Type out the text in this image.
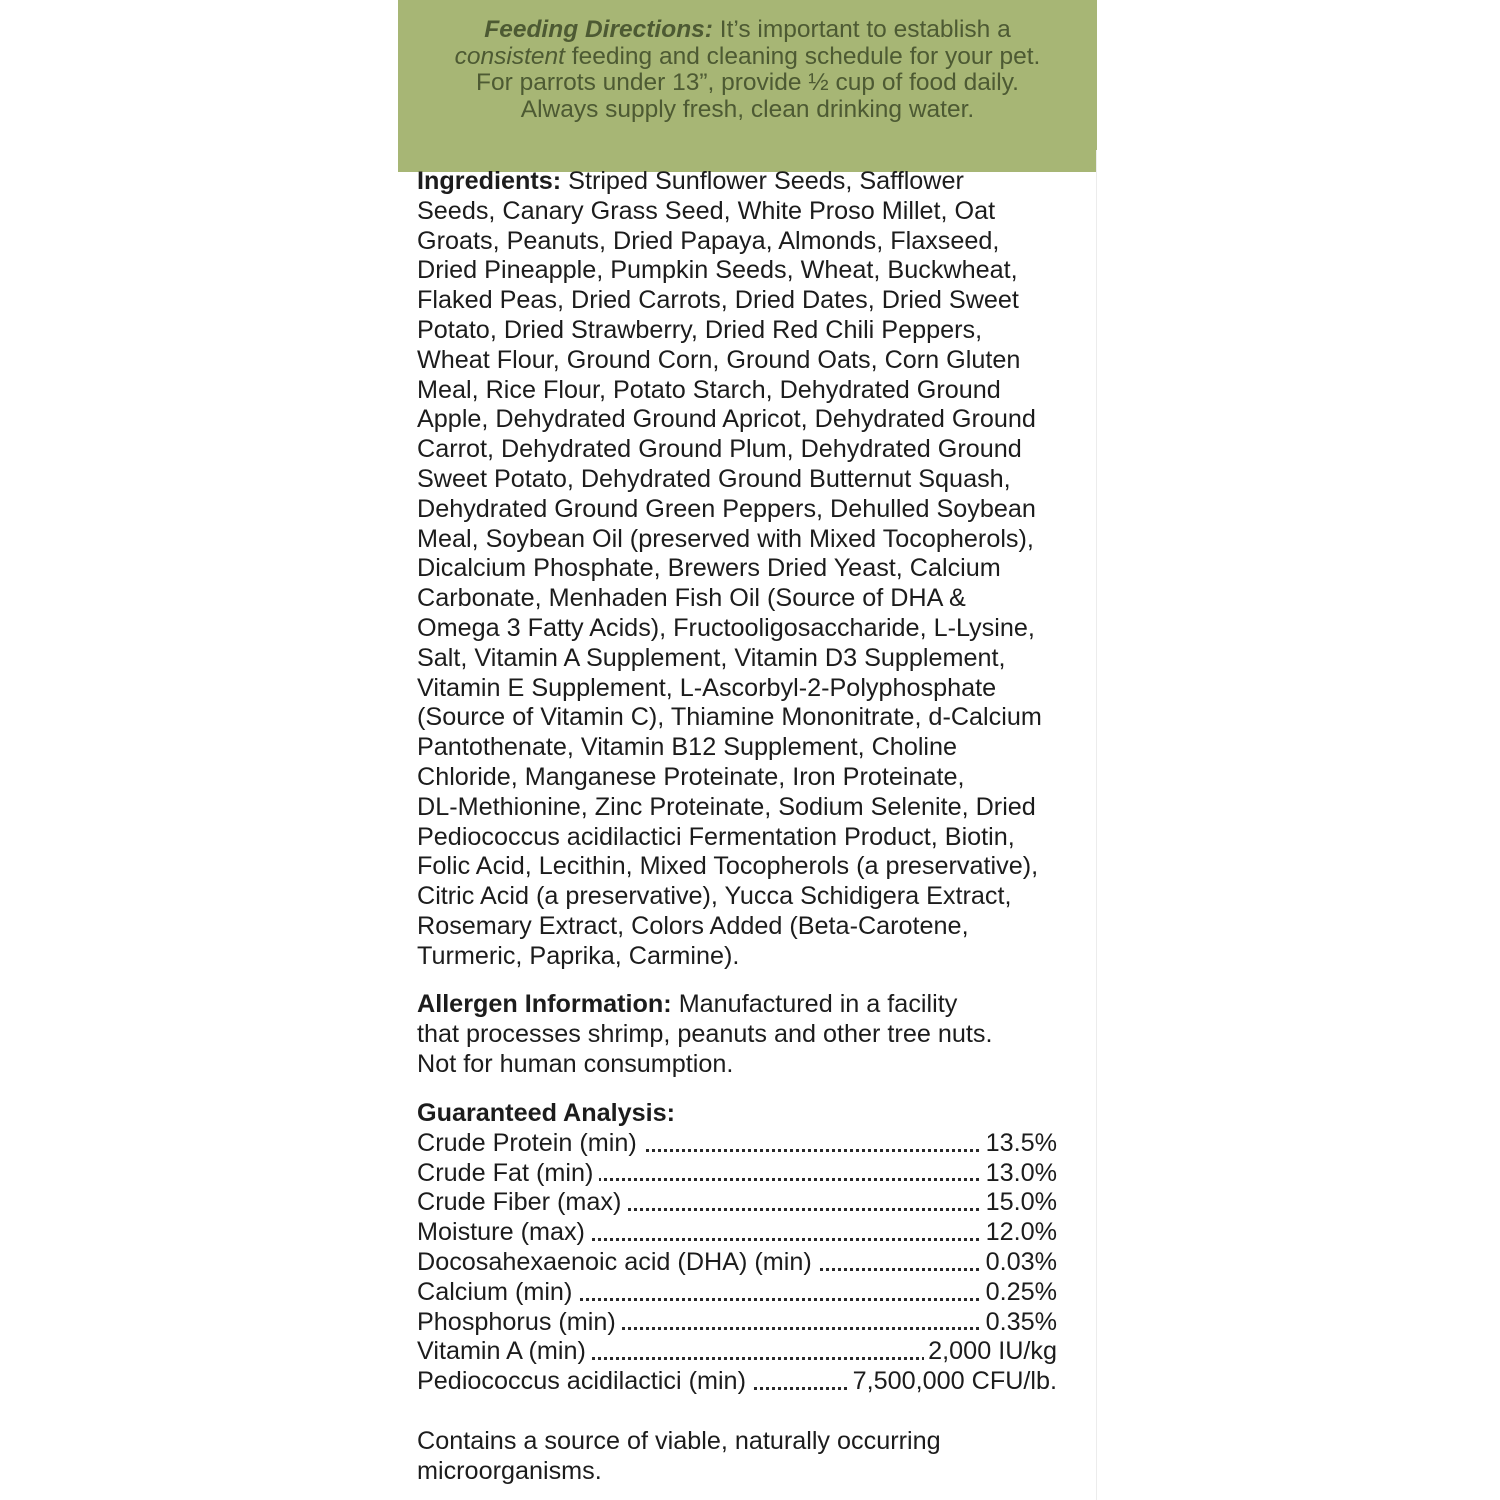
Feeding Directions: It’s important to establish a
consistent feeding and cleaning schedule for your pet.
For parrots under 13”, provide ½ cup of food daily.
Always supply fresh, clean drinking water.
Ingredients: Striped Sunflower Seeds, Safflower
Seeds, Canary Grass Seed, White Proso Millet, Oat
Groats, Peanuts, Dried Papaya, Almonds, Flaxseed,
Dried Pineapple, Pumpkin Seeds, Wheat, Buckwheat,
Flaked Peas, Dried Carrots, Dried Dates, Dried Sweet
Potato, Dried Strawberry, Dried Red Chili Peppers,
Wheat Flour, Ground Corn, Ground Oats, Corn Gluten
Meal, Rice Flour, Potato Starch, Dehydrated Ground
Apple, Dehydrated Ground Apricot, Dehydrated Ground
Carrot, Dehydrated Ground Plum, Dehydrated Ground
Sweet Potato, Dehydrated Ground Butternut Squash,
Dehydrated Ground Green Peppers, Dehulled Soybean
Meal, Soybean Oil (preserved with Mixed Tocopherols),
Dicalcium Phosphate, Brewers Dried Yeast, Calcium
Carbonate, Menhaden Fish Oil (Source of DHA &
Omega 3 Fatty Acids), Fructooligosaccharide, L-Lysine,
Salt, Vitamin A Supplement, Vitamin D3 Supplement,
Vitamin E Supplement, L-Ascorbyl-2-Polyphosphate
(Source of Vitamin C), Thiamine Mononitrate, d-Calcium
Pantothenate, Vitamin B12 Supplement, Choline
Chloride, Manganese Proteinate, Iron Proteinate,
DL-Methionine, Zinc Proteinate, Sodium Selenite, Dried
Pediococcus acidilactici Fermentation Product, Biotin,
Folic Acid, Lecithin, Mixed Tocopherols (a preservative),
Citric Acid (a preservative), Yucca Schidigera Extract,
Rosemary Extract, Colors Added (Beta-Carotene,
Turmeric, Paprika, Carmine).
Allergen Information: Manufactured in a facility
that processes shrimp, peanuts and other tree nuts.
Not for human consumption.
Guaranteed Analysis:
Crude Protein (min)	13.5%
Crude Fat (min)	13.0%
Crude Fiber (max)	15.0%
Moisture (max)	12.0%
Docosahexaenoic acid (DHA) (min)	0.03%
Calcium (min)	0.25%
Phosphorus (min)	0.35%
Vitamin A (min)	2,000 IU/kg
Pediococcus acidilactici (min)	7,500,000 CFU/lb.
Contains a source of viable, naturally occurring
microorganisms.
